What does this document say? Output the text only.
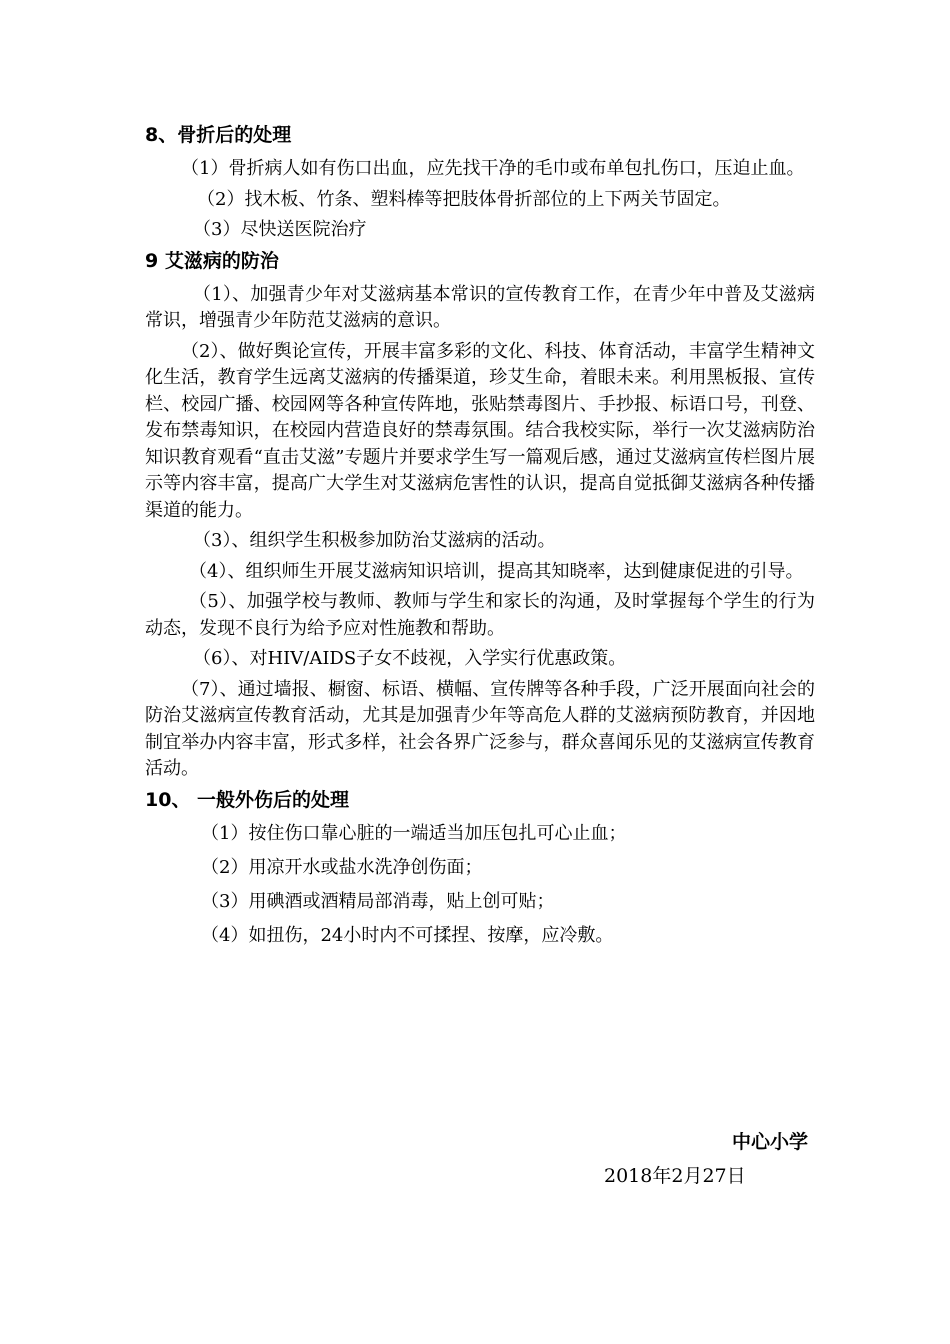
8、骨折后的处理

（1）骨折病人如有伤口出血，应先找干净的毛巾或布单包扎伤口，压迫止血。

（2）找木板、竹条、塑料棒等把肢体骨折部位的上下两关节固定。

（3）尽快送医院治疗

9 艾滋病的防治

（1）、加强青少年对艾滋病基本常识的宣传教育工作，在青少年中普及艾滋病常识，增强青少年防范艾滋病的意识。

（2）、做好舆论宣传，开展丰富多彩的文化、科技、体育活动，丰富学生精神文化生活，教育学生远离艾滋病的传播渠道，珍艾生命，着眼未来。利用黑板报、宣传栏、校园广播、校园网等各种宣传阵地，张贴禁毒图片、手抄报、标语口号，刊登、发布禁毒知识，在校园内营造良好的禁毒氛围。结合我校实际，举行一次艾滋病防治知识教育观看“直击艾滋”专题片并要求学生写一篇观后感，通过艾滋病宣传栏图片展示等内容丰富，提高广大学生对艾滋病危害性的认识，提高自觉抵御艾滋病各种传播渠道的能力。

（3）、组织学生积极参加防治艾滋病的活动。

（4）、组织师生开展艾滋病知识培训，提高其知晓率，达到健康促进的引导。

（5）、加强学校与教师、教师与学生和家长的沟通，及时掌握每个学生的行为动态，发现不良行为给予应对性施教和帮助。

（6）、对HIV/AIDS子女不歧视，入学实行优惠政策。

（7）、通过墙报、橱窗、标语、横幅、宣传牌等各种手段，广泛开展面向社会的防治艾滋病宣传教育活动，尤其是加强青少年等高危人群的艾滋病预防教育，并因地制宜举办内容丰富，形式多样，社会各界广泛参与，群众喜闻乐见的艾滋病宣传教育活动。

10、 一般外伤后的处理

（1）按住伤口靠心脏的一端适当加压包扎可心止血；

（2）用凉开水或盐水洗净创伤面；

（3）用碘酒或酒精局部消毒，贴上创可贴；

（4）如扭伤，24小时内不可揉捏、按摩，应冷敷。

中心小学
2018年2月27日
